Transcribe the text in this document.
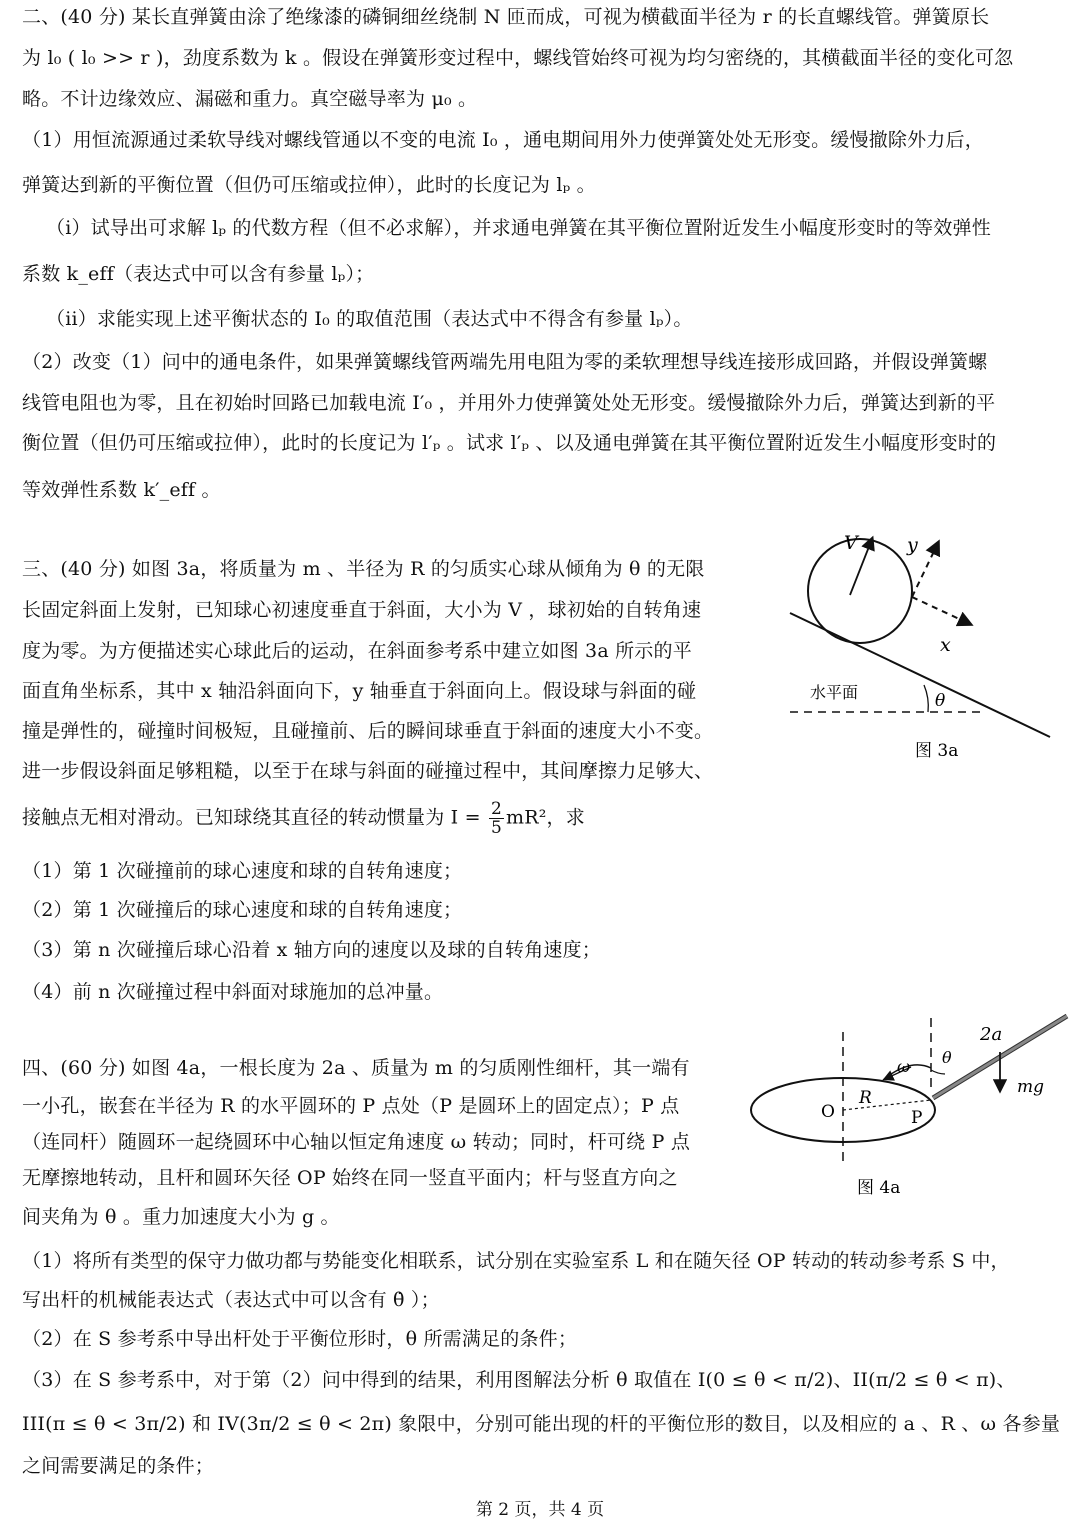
二、(40 分) 某长直弹簧由涂了绝缘漆的磷铜细丝绕制 N 匝而成，可视为横截面半径为 r 的长直螺线管。弹簧原长
为 l₀ ( l₀ >> r )，劲度系数为 k 。假设在弹簧形变过程中，螺线管始终可视为均匀密绕的，其横截面半径的变化可忽
略。不计边缘效应、漏磁和重力。真空磁导率为 μ₀ 。
（1）用恒流源通过柔软导线对螺线管通以不变的电流 I₀ ，通电期间用外力使弹簧处处无形变。缓慢撤除外力后，
弹簧达到新的平衡位置（但仍可压缩或拉伸），此时的长度记为 lₚ 。
（i）试导出可求解 lₚ 的代数方程（但不必求解），并求通电弹簧在其平衡位置附近发生小幅度形变时的等效弹性
系数 k_eff（表达式中可以含有参量 lₚ）；
（ii）求能实现上述平衡状态的 I₀ 的取值范围（表达式中不得含有参量 lₚ）。
（2）改变（1）问中的通电条件，如果弹簧螺线管两端先用电阻为零的柔软理想导线连接形成回路，并假设弹簧螺
线管电阻也为零，且在初始时回路已加载电流 I′₀ ，并用外力使弹簧处处无形变。缓慢撤除外力后，弹簧达到新的平
衡位置（但仍可压缩或拉伸），此时的长度记为 l′ₚ 。试求 l′ₚ 、以及通电弹簧在其平衡位置附近发生小幅度形变时的
等效弹性系数 k′_eff 。
三、(40 分) 如图 3a，将质量为 m 、半径为 R 的匀质实心球从倾角为 θ 的无限
长固定斜面上发射，已知球心初速度垂直于斜面，大小为 V ，球初始的自转角速
度为零。为方便描述实心球此后的运动，在斜面参考系中建立如图 3a 所示的平
面直角坐标系，其中 x 轴沿斜面向下，y 轴垂直于斜面向上。假设球与斜面的碰
撞是弹性的，碰撞时间极短，且碰撞前、后的瞬间球垂直于斜面的速度大小不变。
进一步假设斜面足够粗糙，以至于在球与斜面的碰撞过程中，其间摩擦力足够大、
接触点无相对滑动。已知球绕其直径的转动惯量为 $I = \frac{2}{5} mR^2$，求
（1）第 1 次碰撞前的球心速度和球的自转角速度；
（2）第 1 次碰撞后的球心速度和球的自转角速度；
（3）第 n 次碰撞后球心沿着 x 轴方向的速度以及球的自转角速度；
（4）前 n 次碰撞过程中斜面对球施加的总冲量。
V	y
x
水平面	θ
图 3a
四、(60 分) 如图 4a，一根长度为 2a 、质量为 m 的匀质刚性细杆，其一端有
一小孔，嵌套在半径为 R 的水平圆环的 P 点处（P 是圆环上的固定点）；P 点
（连同杆）随圆环一起绕圆环中心轴以恒定角速度 ω 转动；同时，杆可绕 P 点
无摩擦地转动，且杆和圆环矢径 OP 始终在同一竖直平面内；杆与竖直方向之
间夹角为 θ 。重力加速度大小为 g 。
（1）将所有类型的保守力做功都与势能变化相联系，试分别在实验室系 L 和在随矢径 OP 转动的转动参考系 S 中，
写出杆的机械能表达式（表达式中可以含有 θ̇ ）；
（2）在 S 参考系中导出杆处于平衡位形时，θ 所需满足的条件；
（3）在 S 参考系中，对于第（2）问中得到的结果，利用图解法分析 θ 取值在 I(0 ≤ θ < π/2)、II(π/2 ≤ θ < π)、
III(π ≤ θ < 3π/2) 和 IV(3π/2 ≤ θ < 2π) 象限中，分别可能出现的杆的平衡位形的数目，以及相应的 a 、R 、ω 各参量
之间需要满足的条件；
2a
θ
ω
R
O	P
mg
图 4a
第 2 页，共 4 页
